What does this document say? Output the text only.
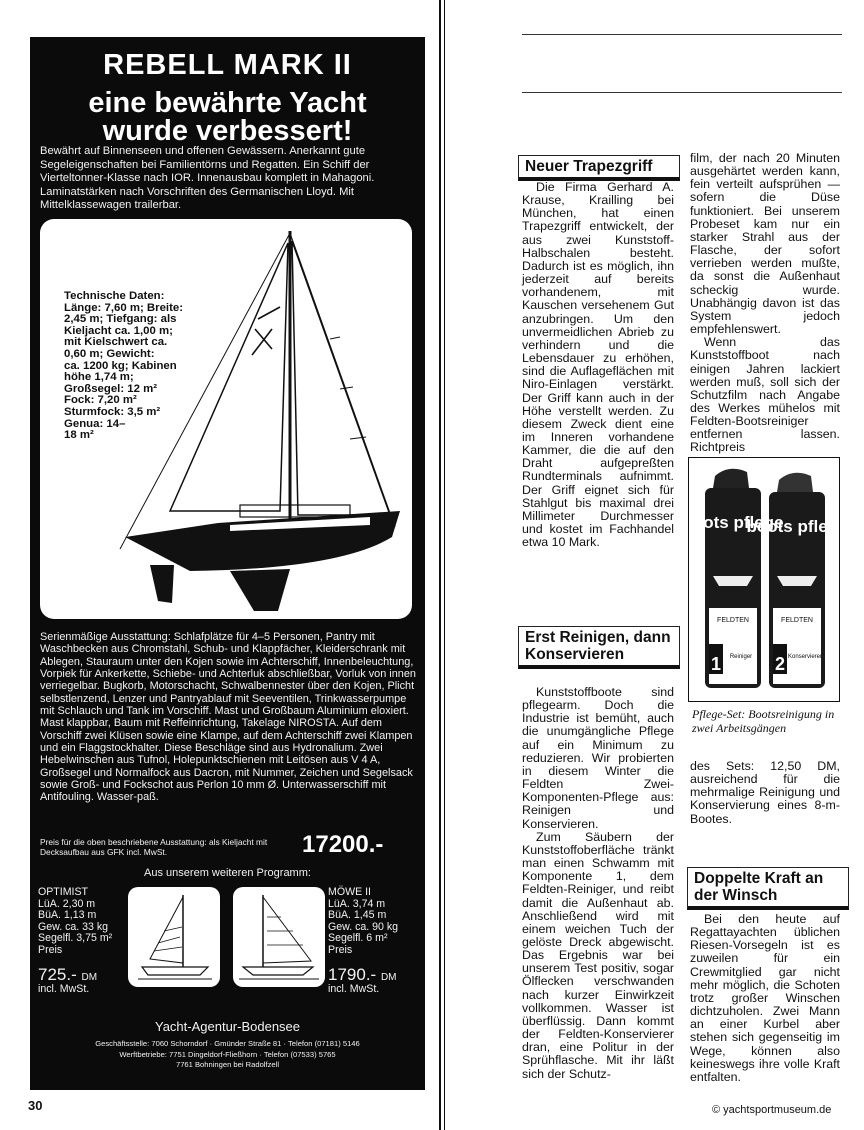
REBELL MARK II
eine bewährte Yacht
wurde verbessert!
Bewährt auf Binnenseen und offenen Gewässern. Anerkannt gute Segeleigenschaften bei Familientörns und Regatten. Ein Schiff der Vierteltonner-Klasse nach IOR. Innenausbau komplett in Mahagoni. Laminatstärken nach Vorschriften des Germanischen Lloyd. Mit Mittelklassewagen trailerbar.
Technische Daten:
Länge: 7,60 m; Breite:
2,45 m; Tiefgang: als
Kieljacht ca. 1,00 m;
mit Kielschwert ca.
0,60 m; Gewicht:
ca. 1200 kg; Kabinen
höhe 1,74 m;
Großsegel: 12 m²
Fock: 7,20 m²
Sturmfock: 3,5 m²
Genua: 14–
18 m²
Serienmäßige Ausstattung: Schlafplätze für 4–5 Personen, Pantry mit Waschbecken aus Chromstahl, Schub- und Klappfächer, Kleiderschrank mit Ablegen, Stauraum unter den Kojen sowie im Achterschiff, Innenbeleuchtung, Vorpiek für Ankerkette, Schiebe- und Achterluk abschließbar, Vorluk von innen verriegelbar. Bugkorb, Motorschacht, Schwalbennester über den Kojen, Plicht selbstlenzend, Lenzer und Pantryablauf mit Seeventilen, Trinkwasserpumpe mit Schlauch und Tank im Vorschiff. Mast und Großbaum Aluminium eloxiert. Mast klappbar, Baum mit Reffeinrichtung, Takelage NIROSTA. Auf dem Vorschiff zwei Klüsen sowie eine Klampe, auf dem Achterschiff zwei Klampen und ein Flaggstockhalter. Diese Beschläge sind aus Hydronalium. Zwei Hebelwinschen aus Tufnol, Holepunktschienen mit Leitösen aus V 4 A, Großsegel und Normalfock aus Dacron, mit Nummer, Zeichen und Segelsack sowie Groß- und Fockschot aus Perlon 10 mm Ø. Unterwasserschiff mit Antifouling. Wasser-paß.
Preis für die oben beschriebene Ausstattung: als Kieljacht mit Decksaufbau aus GFK incl. MwSt.	17200.-
Aus unserem weiteren Programm:
OPTIMIST
LüA. 2,30 m
BüA. 1,13 m
Gew. ca. 33 kg
Segelfl. 3,75 m²
Preis
725.- DM
incl. MwSt.
MÖWE II
LüA. 3,74 m
BüA. 1,45 m
Gew. ca. 90 kg
Segelfl. 6 m²
Preis
1790.- DM
incl. MwSt.
Yacht-Agentur-Bodensee
Geschäftsstelle: 7060 Schorndorf · Gmünder Straße 81 · Telefon (07181) 5146
Werftbetriebe: 7751 Dingeldorf-Fließhorn · Telefon (07533) 5765
7761 Bohningen bei Radolfzell
30
Neuer Trapezgriff

Die Firma Gerhard A. Krause, Krailling bei München, hat einen Trapezgriff entwickelt, der aus zwei Kunststoff-Halbschalen besteht. Dadurch ist es möglich, ihn jederzeit auf bereits vorhandenem, mit Kauschen versehenem Gut anzubringen. Um den unvermeidlichen Abrieb zu verhindern und die Lebensdauer zu erhöhen, sind die Auflageflächen mit Niro-Einlagen verstärkt. Der Griff kann auch in der Höhe verstellt werden. Zu diesem Zweck dient eine im Inneren vorhandene Kammer, die die auf den Draht aufgepreßten Rundterminals aufnimmt. Der Griff eignet sich für Stahlgut bis maximal drei Millimeter Durchmesser und kostet im Fachhandel etwa 10 Mark.

Erst Reinigen, dann Konservieren

Kunststoffboote sind pflegearm. Doch die Industrie ist bemüht, auch die unumgängliche Pflege auf ein Minimum zu reduzieren. Wir probierten in diesem Winter die Feldten Zwei-Komponenten-Pflege aus: Reinigen und Konservieren.

Zum Säubern der Kunststoffoberfläche tränkt man einen Schwamm mit Komponente 1, dem Feldten-Reiniger, und reibt damit die Außenhaut ab. Anschließend wird mit einem weichen Tuch der gelöste Dreck abgewischt. Das Ergebnis war bei unserem Test positiv, sogar Ölflecken verschwanden nach kurzer Einwirkzeit vollkommen. Wasser ist überflüssig. Dann kommt der Feldten-Konservierer dran, eine Politur in der Sprühflasche. Mit ihr läßt sich der Schutz-

film, der nach 20 Minuten ausgehärtet werden kann, fein verteilt aufsprühen — sofern die Düse funktioniert. Bei unserem Probeset kam nur ein starker Strahl aus der Flasche, der sofort verrieben werden mußte, da sonst die Außenhaut scheckig wurde. Unabhängig davon ist das System jedoch empfehlenswert.

Wenn das Kunststoffboot nach einigen Jahren lackiert werden muß, soll sich der Schutzfilm nach Angabe des Werkes mühelos mit Feldten-Bootsreiniger entfernen lassen. Richtpreis

boots pflege
boots pflege
FELDTEN	FELDTEN
1	2
Reiniger	Konservierer
Pflege-Set: Bootsreinigung in zwei Arbeitsgängen

des Sets: 12,50 DM, ausreichend für die mehrmalige Reinigung und Konservierung eines 8-m-Bootes.

Doppelte Kraft an der Winsch

Bei den heute auf Regattayachten üblichen Riesen-Vorsegeln ist es zuweilen für ein Crewmitglied gar nicht mehr möglich, die Schoten trotz großer Winschen dichtzuholen. Zwei Mann an einer Kurbel aber stehen sich gegenseitig im Wege, können also keineswegs ihre volle Kraft entfalten.

© yachtsportmuseum.de
